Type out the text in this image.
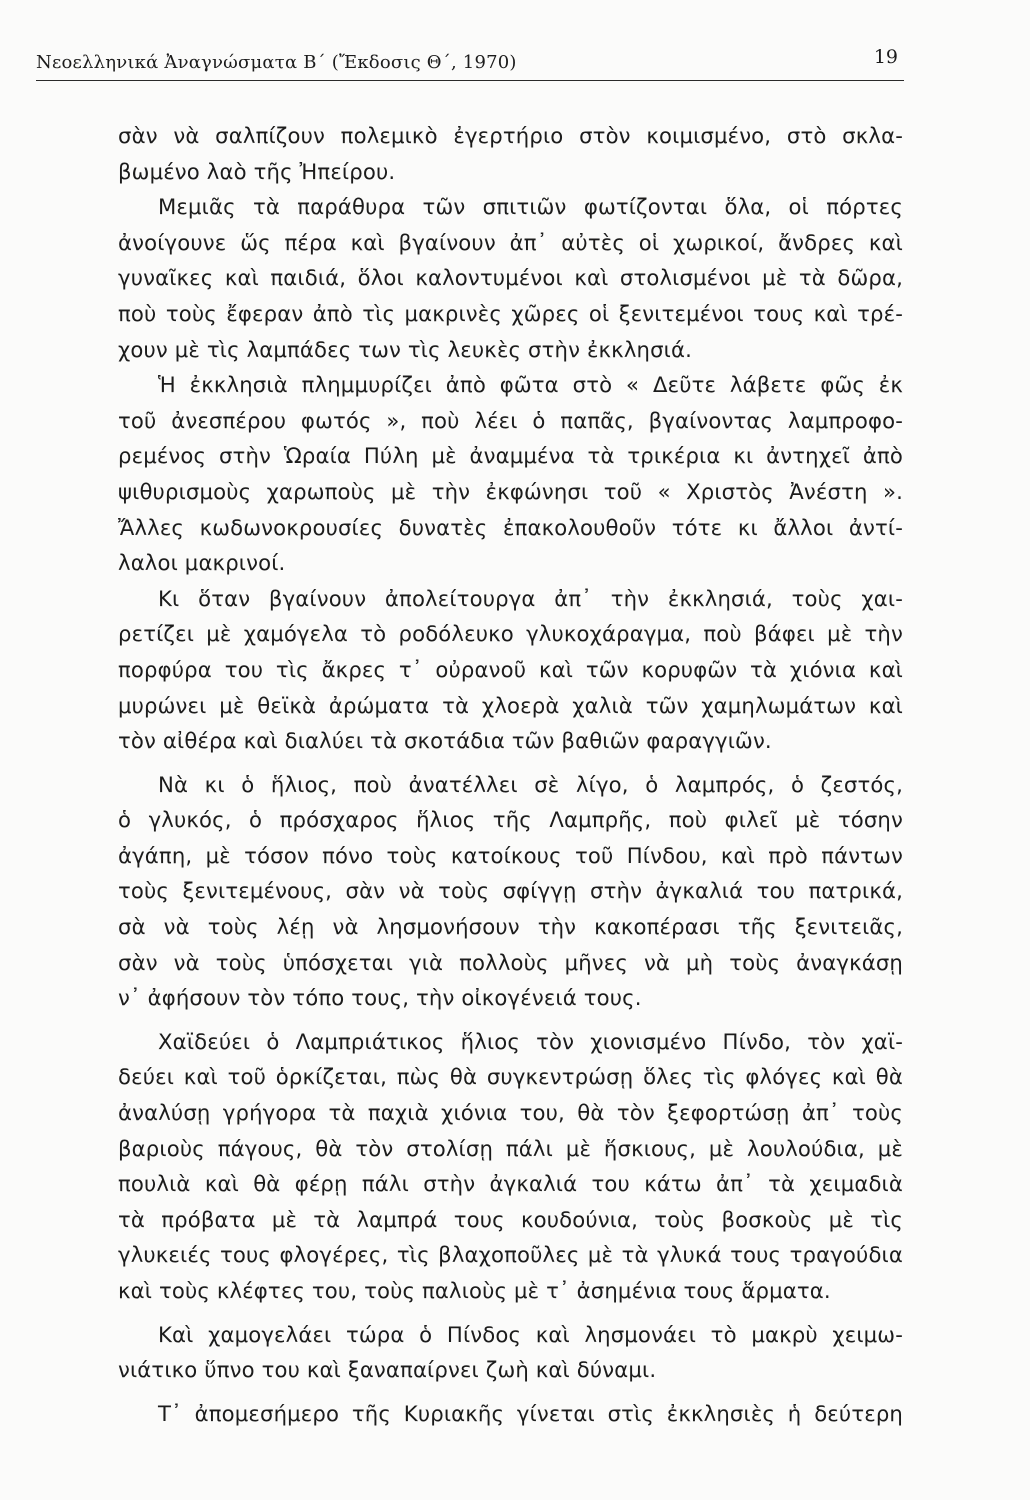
Νεοελληνικά Ἀναγνώσματα Β΄ (Ἔκδοσις Θ΄, 1970)	19
σὰν νὰ σαλπίζουν πολεμικὸ ἐγερτήριο στὸν κοιμισμένο, στὸ σκλα-
βωμένο λαὸ τῆς Ἠπείρου.
Μεμιᾶς τὰ παράθυρα τῶν σπιτιῶν φωτίζονται ὅλα, οἱ πόρτες
ἀνοίγουνε ὥς πέρα καὶ βγαίνουν ἀπ᾽ αὐτὲς οἱ χωρικοί, ἄνδρες καὶ
γυναῖκες καὶ παιδιά, ὅλοι καλοντυμένοι καὶ στολισμένοι μὲ τὰ δῶρα,
ποὺ τοὺς ἔφεραν ἀπὸ τὶς μακρινὲς χῶρες οἱ ξενιτεμένοι τους καὶ τρέ-
χουν μὲ τὶς λαμπάδες των τὶς λευκὲς στὴν ἐκκλησιά.
Ἡ ἐκκλησιὰ πλημμυρίζει ἀπὸ φῶτα στὸ « Δεῦτε λάβετε φῶς ἐκ
τοῦ ἀνεσπέρου φωτός », ποὺ λέει ὁ παπᾶς, βγαίνοντας λαμπροφο-
ρεμένος στὴν Ὡραία Πύλη μὲ ἀναμμένα τὰ τρικέρια κι ἀντηχεῖ ἀπὸ
ψιθυρισμοὺς χαρωποὺς μὲ τὴν ἐκφώνησι τοῦ « Χριστὸς Ἀνέστη ».
Ἄλλες κωδωνοκρουσίες δυνατὲς ἐπακολουθοῦν τότε κι ἄλλοι ἀντί-
λαλοι μακρινοί.
Κι ὅταν βγαίνουν ἀπολείτουργα ἀπ᾽ τὴν ἐκκλησιά, τοὺς χαι-
ρετίζει μὲ χαμόγελα τὸ ροδόλευκο γλυκοχάραγμα, ποὺ βάφει μὲ τὴν
πορφύρα του τὶς ἄκρες τ᾽ οὐρανοῦ καὶ τῶν κορυφῶν τὰ χιόνια καὶ
μυρώνει μὲ θεϊκὰ ἀρώματα τὰ χλοερὰ χαλιὰ τῶν χαμηλωμάτων καὶ
τὸν αἰθέρα καὶ διαλύει τὰ σκοτάδια τῶν βαθιῶν φαραγγιῶν.
Νὰ κι ὁ ἥλιος, ποὺ ἀνατέλλει σὲ λίγο, ὁ λαμπρός, ὁ ζεστός,
ὁ γλυκός, ὁ πρόσχαρος ἥλιος τῆς Λαμπρῆς, ποὺ φιλεῖ μὲ τόσην
ἀγάπη, μὲ τόσον πόνο τοὺς κατοίκους τοῦ Πίνδου, καὶ πρὸ πάντων
τοὺς ξενιτεμένους, σὰν νὰ τοὺς σφίγγῃ στὴν ἀγκαλιά του πατρικά,
σὰ νὰ τοὺς λέῃ νὰ λησμονήσουν τὴν κακοπέρασι τῆς ξενιτειᾶς,
σὰν νὰ τοὺς ὑπόσχεται γιὰ πολλοὺς μῆνες νὰ μὴ τοὺς ἀναγκάσῃ
ν᾽ ἀφήσουν τὸν τόπο τους, τὴν οἰκογένειά τους.
Χαϊδεύει ὁ Λαμπριάτικος ἥλιος τὸν χιονισμένο Πίνδο, τὸν χαϊ-
δεύει καὶ τοῦ ὁρκίζεται, πὼς θὰ συγκεντρώσῃ ὅλες τὶς φλόγες καὶ θὰ
ἀναλύσῃ γρήγορα τὰ παχιὰ χιόνια του, θὰ τὸν ξεφορτώσῃ ἀπ᾽ τοὺς
βαριοὺς πάγους, θὰ τὸν στολίσῃ πάλι μὲ ἥσκιους, μὲ λουλούδια, μὲ
πουλιὰ καὶ θὰ φέρῃ πάλι στὴν ἀγκαλιά του κάτω ἀπ᾽ τὰ χειμαδιὰ
τὰ πρόβατα μὲ τὰ λαμπρά τους κουδούνια, τοὺς βοσκοὺς μὲ τὶς
γλυκειές τους φλογέρες, τὶς βλαχοποῦλες μὲ τὰ γλυκά τους τραγούδια
καὶ τοὺς κλέφτες του, τοὺς παλιοὺς μὲ τ᾽ ἀσημένια τους ἅρματα.
Καὶ χαμογελάει τώρα ὁ Πίνδος καὶ λησμονάει τὸ μακρὺ χειμω-
νιάτικο ὕπνο του καὶ ξαναπαίρνει ζωὴ καὶ δύναμι.
Τ᾽ ἀπομεσήμερο τῆς Κυριακῆς γίνεται στὶς ἐκκλησιὲς ἡ δεύτερη
